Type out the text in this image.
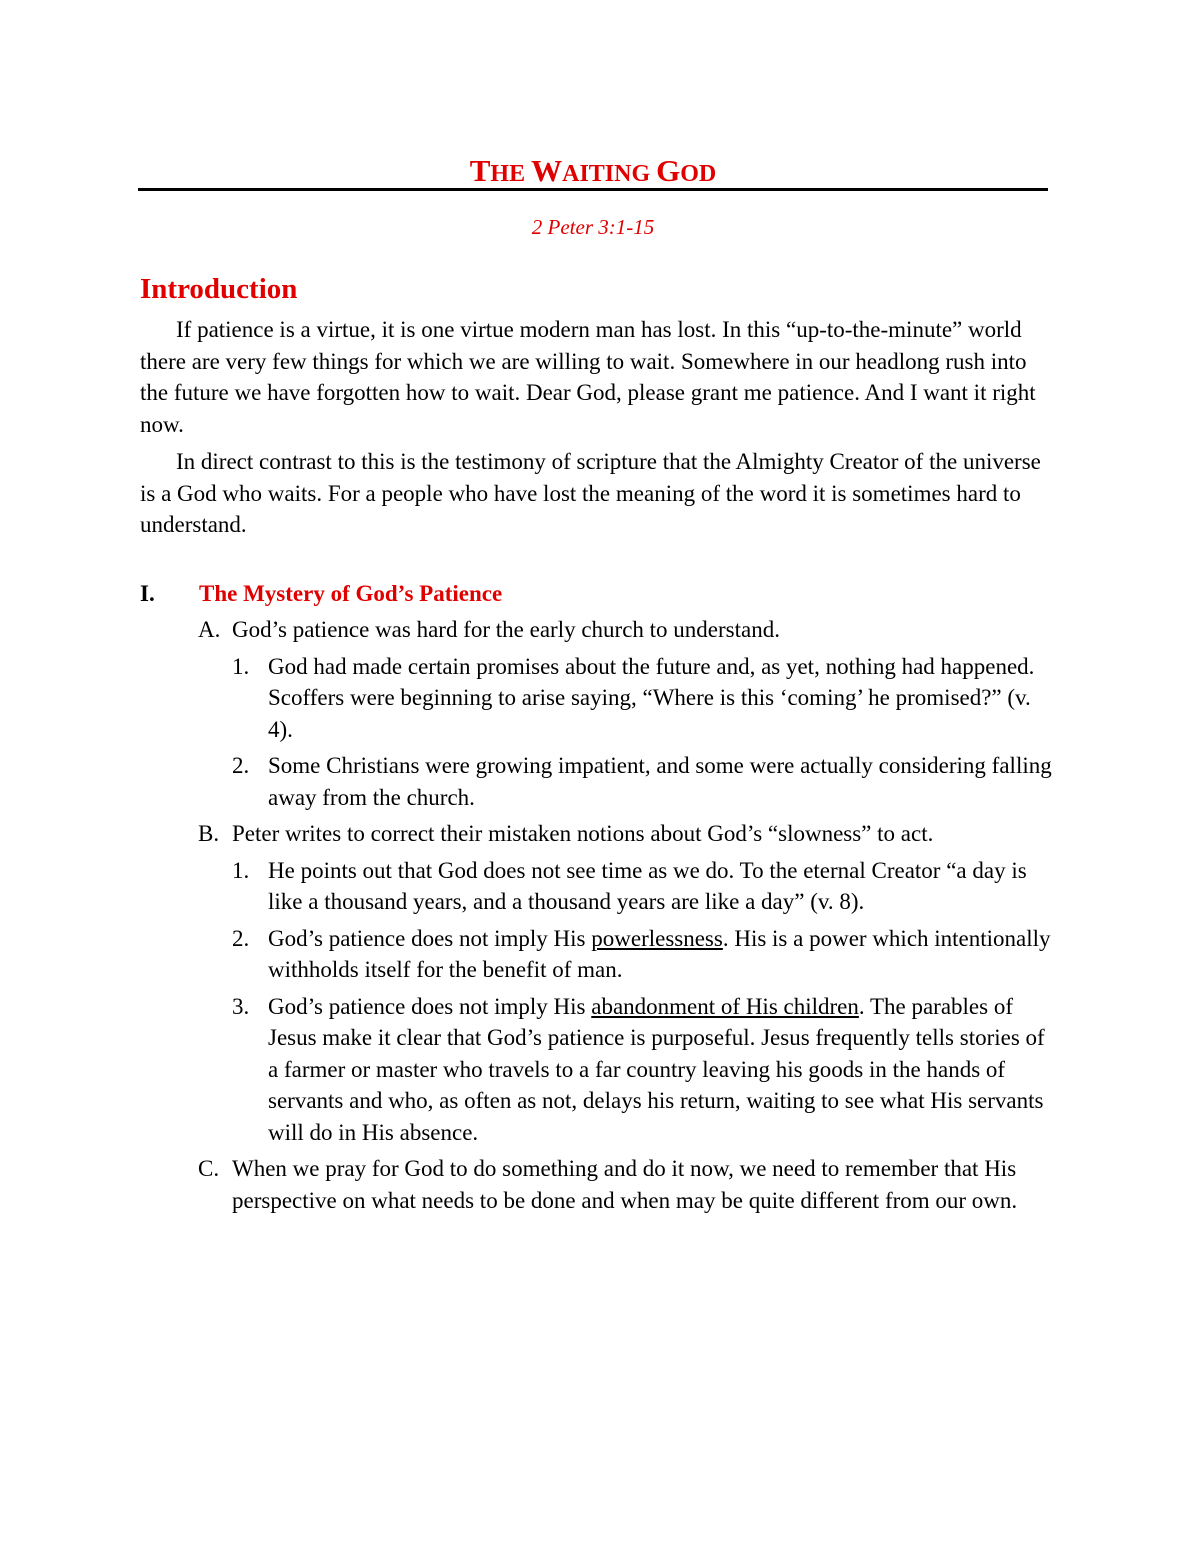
THE WAITING GOD
2 Peter 3:1-15
Introduction

If patience is a virtue, it is one virtue modern man has lost. In this “up-to-the-minute” world there are very few things for which we are willing to wait. Somewhere in our headlong rush into the future we have forgotten how to wait. Dear God, please grant me patience. And I want it right now.

In direct contrast to this is the testimony of scripture that the Almighty Creator of the universe is a God who waits. For a people who have lost the meaning of the word it is sometimes hard to understand.

I. The Mystery of God’s Patience
A. God’s patience was hard for the early church to understand.
1. God had made certain promises about the future and, as yet, nothing had happened. Scoffers were beginning to arise saying, “Where is this ‘coming’ he promised?” (v. 4).
2. Some Christians were growing impatient, and some were actually considering falling away from the church.
B. Peter writes to correct their mistaken notions about God’s “slowness” to act.
1. He points out that God does not see time as we do. To the eternal Creator “a day is like a thousand years, and a thousand years are like a day” (v. 8).
2. God’s patience does not imply His powerlessness. His is a power which intentionally withholds itself for the benefit of man.
3. God’s patience does not imply His abandonment of His children. The parables of Jesus make it clear that God’s patience is purposeful. Jesus frequently tells stories of a farmer or master who travels to a far country leaving his goods in the hands of servants and who, as often as not, delays his return, waiting to see what His servants will do in His absence.
C. When we pray for God to do something and do it now, we need to remember that His perspective on what needs to be done and when may be quite different from our own.
